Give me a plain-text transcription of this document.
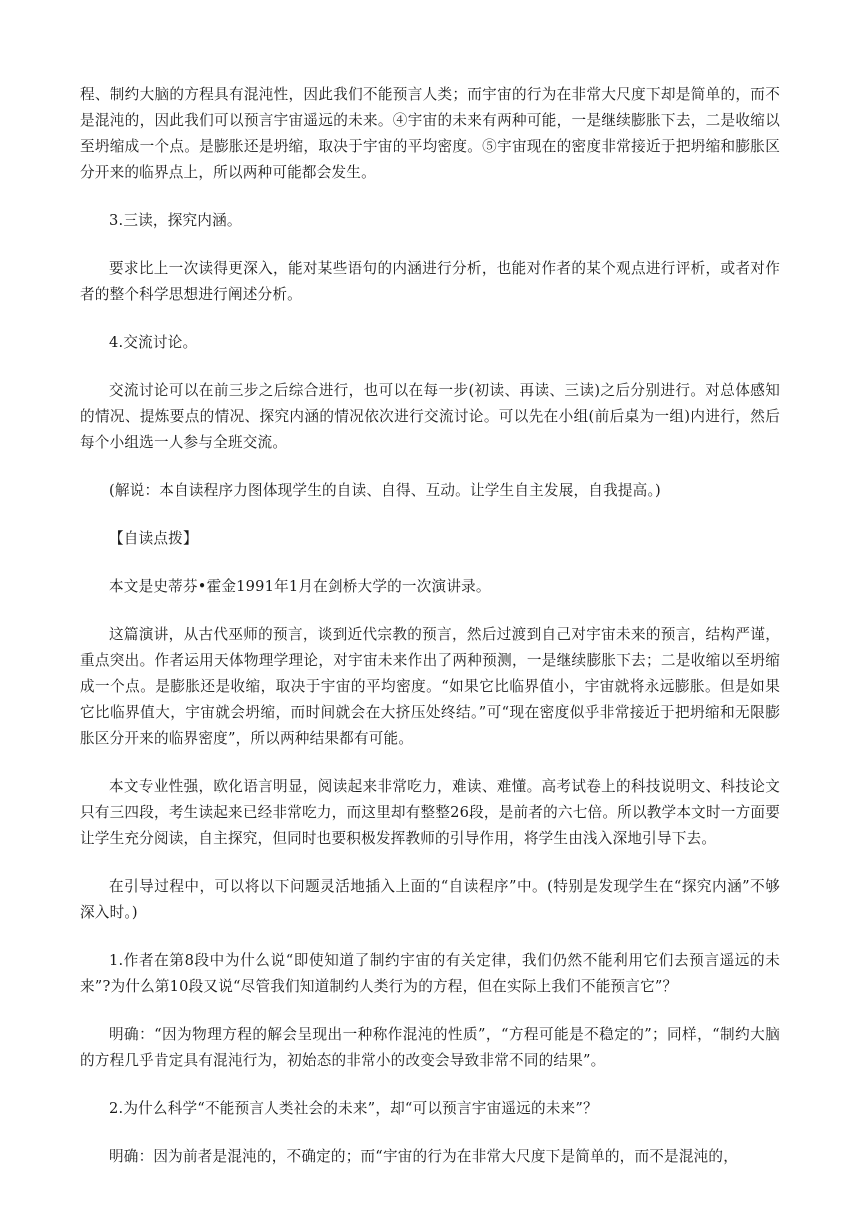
程、制约大脑的方程具有混沌性，因此我们不能预言人类；而宇宙的行为在非常大尺度下却是简单的，而不是混沌的，因此我们可以预言宇宙遥远的未来。④宇宙的未来有两种可能，一是继续膨胀下去，二是收缩以至坍缩成一个点。是膨胀还是坍缩，取决于宇宙的平均密度。⑤宇宙现在的密度非常接近于把坍缩和膨胀区分开来的临界点上，所以两种可能都会发生。

3.三读，探究内涵。

要求比上一次读得更深入，能对某些语句的内涵进行分析，也能对作者的某个观点进行评析，或者对作者的整个科学思想进行阐述分析。

4.交流讨论。

交流讨论可以在前三步之后综合进行，也可以在每一步(初读、再读、三读)之后分别进行。对总体感知的情况、提炼要点的情况、探究内涵的情况依次进行交流讨论。可以先在小组(前后桌为一组)内进行，然后每个小组选一人参与全班交流。

(解说：本自读程序力图体现学生的自读、自得、互动。让学生自主发展，自我提高。)

【自读点拨】

本文是史蒂芬•霍金1991年1月在剑桥大学的一次演讲录。

这篇演讲，从古代巫师的预言，谈到近代宗教的预言，然后过渡到自己对宇宙未来的预言，结构严谨，重点突出。作者运用天体物理学理论，对宇宙未来作出了两种预测，一是继续膨胀下去；二是收缩以至坍缩成一个点。是膨胀还是收缩，取决于宇宙的平均密度。“如果它比临界值小，宇宙就将永远膨胀。但是如果它比临界值大，宇宙就会坍缩，而时间就会在大挤压处终结。”可“现在密度似乎非常接近于把坍缩和无限膨胀区分开来的临界密度”，所以两种结果都有可能。

本文专业性强，欧化语言明显，阅读起来非常吃力，难读、难懂。高考试卷上的科技说明文、科技论文只有三四段，考生读起来已经非常吃力，而这里却有整整26段，是前者的六七倍。所以教学本文时一方面要让学生充分阅读，自主探究，但同时也要积极发挥教师的引导作用，将学生由浅入深地引导下去。

在引导过程中，可以将以下问题灵活地插入上面的“自读程序”中。(特别是发现学生在“探究内涵”不够深入时。)

1.作者在第8段中为什么说“即使知道了制约宇宙的有关定律，我们仍然不能利用它们去预言遥远的未来”?为什么第10段又说“尽管我们知道制约人类行为的方程，但在实际上我们不能预言它”？

明确：“因为物理方程的解会呈现出一种称作混沌的性质”，“方程可能是不稳定的”；同样，“制约大脑的方程几乎肯定具有混沌行为，初始态的非常小的改变会导致非常不同的结果”。

2.为什么科学“不能预言人类社会的未来”，却“可以预言宇宙遥远的未来”？

明确：因为前者是混沌的，不确定的；而“宇宙的行为在非常大尺度下是简单的，而不是混沌的，
